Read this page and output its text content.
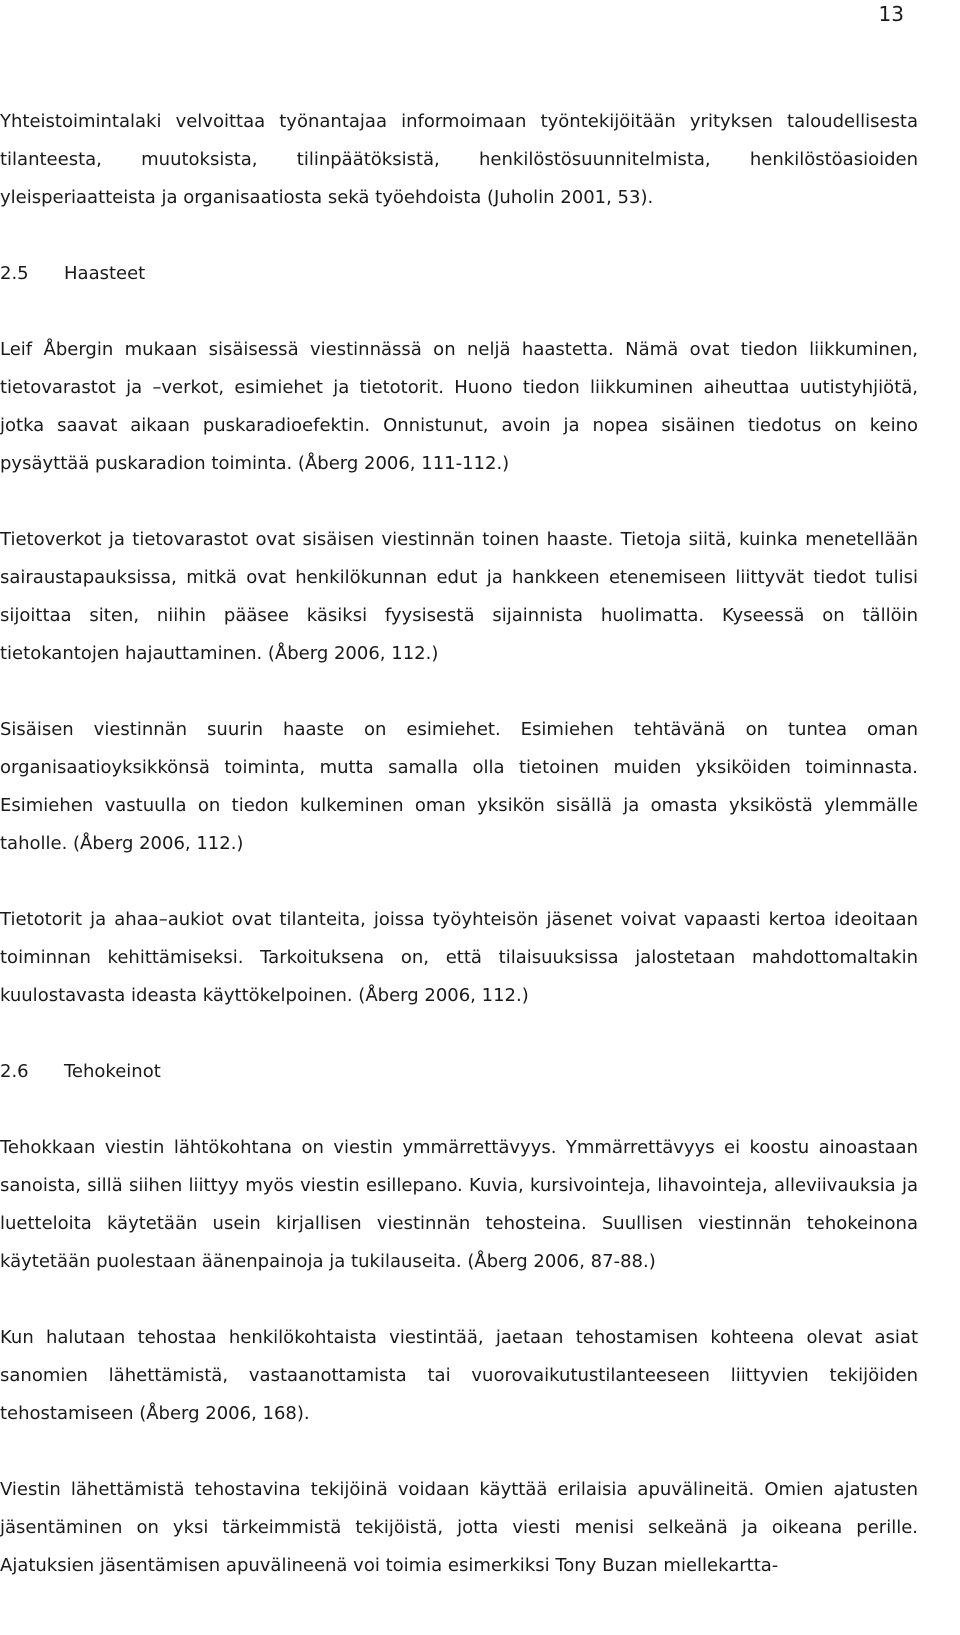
13

Yhteistoimintalaki velvoittaa työnantajaa informoimaan työntekijöitään yrityksen taloudellisesta tilanteesta, muutoksista, tilinpäätöksistä, henkilöstösuunnitelmista, henkilöstöasioiden yleisperiaatteista ja organisaatiosta sekä työehdoista (Juholin 2001, 53).

2.5	Haasteet

Leif Åbergin mukaan sisäisessä viestinnässä on neljä haastetta. Nämä ovat tiedon liikkuminen, tietovarastot ja –verkot, esimiehet ja tietotorit. Huono tiedon liikkuminen aiheuttaa uutistyhjiötä, jotka saavat aikaan puskaradioefektin. Onnistunut, avoin ja nopea sisäinen tiedotus on keino pysäyttää puskaradion toiminta. (Åberg 2006, 111-112.)

Tietoverkot ja tietovarastot ovat sisäisen viestinnän toinen haaste. Tietoja siitä, kuinka menetellään sairaustapauksissa, mitkä ovat henkilökunnan edut ja hankkeen etenemiseen liittyvät tiedot tulisi sijoittaa siten, niihin pääsee käsiksi fyysisestä sijainnista huolimatta. Kyseessä on tällöin tietokantojen hajauttaminen. (Åberg 2006, 112.)

Sisäisen viestinnän suurin haaste on esimiehet. Esimiehen tehtävänä on tuntea oman organisaatioyksikkönsä toiminta, mutta samalla olla tietoinen muiden yksiköiden toiminnasta. Esimiehen vastuulla on tiedon kulkeminen oman yksikön sisällä ja omasta yksiköstä ylemmälle taholle. (Åberg 2006, 112.)

Tietotorit ja ahaa–aukiot ovat tilanteita, joissa työyhteisön jäsenet voivat vapaasti kertoa ideoitaan toiminnan kehittämiseksi. Tarkoituksena on, että tilaisuuksissa jalostetaan mahdottomaltakin kuulostavasta ideasta käyttökelpoinen. (Åberg 2006, 112.)

2.6	Tehokeinot

Tehokkaan viestin lähtökohtana on viestin ymmärrettävyys. Ymmärrettävyys ei koostu ainoastaan sanoista, sillä siihen liittyy myös viestin esillepano. Kuvia, kursivointeja, lihavointeja, alleviivauksia ja luetteloita käytetään usein kirjallisen viestinnän tehosteina. Suullisen viestinnän tehokeinona käytetään puolestaan äänenpainoja ja tukilauseita. (Åberg 2006, 87-88.)

Kun halutaan tehostaa henkilökohtaista viestintää, jaetaan tehostamisen kohteena olevat asiat sanomien lähettämistä, vastaanottamista tai vuorovaikutustilanteeseen liittyvien tekijöiden tehostamiseen (Åberg 2006, 168).

Viestin lähettämistä tehostavina tekijöinä voidaan käyttää erilaisia apuvälineitä. Omien ajatusten jäsentäminen on yksi tärkeimmistä tekijöistä, jotta viesti menisi selkeänä ja oikeana perille. Ajatuksien jäsentämisen apuvälineenä voi toimia esimerkiksi Tony Buzan miellekartta-
